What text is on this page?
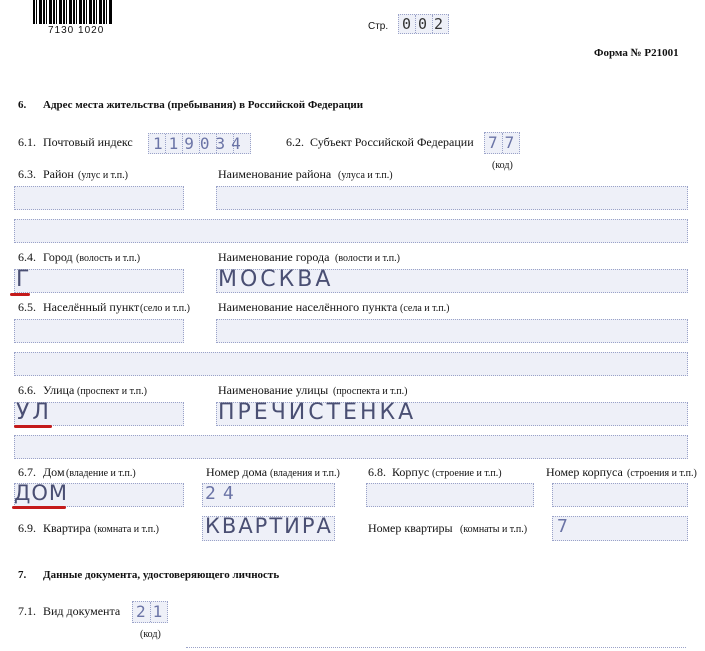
7130 1020	Стр. 002
Форма № Р21001
6. Адрес места жительства (пребывания) в Российской Федерации
6.1. Почтовый индекс 119034	6.2. Субъект Российской Федерации 77
(код)
6.3. Район (улус и т.п.)	Наименование района (улуса и т.п.)
6.4. Город (волость и т.п.)	Наименование города (волости и т.п.)
Г	МОСКВА
6.5. Населённый пункт (село и т.п.) Наименование населённого пункта (села и т.п.)
6.6. Улица (проспект и т.п.)	Наименование улицы (проспекта и т.п.)
УЛ	ПРЕЧИСТЕНКА
6.7. Дом (владение и т.п.)	Номер дома (владения и т.п.) 6.8. Корпус (строение и т.п.)	Номер корпуса (строения и т.п.)
ДОМ	24
6.9. Квартира (комната и т.п.) КВАРТИРА	Номер квартиры (комнаты и т.п.) 7
7. Данные документа, удостоверяющего личность
7.1. Вид документа 21
(код)
